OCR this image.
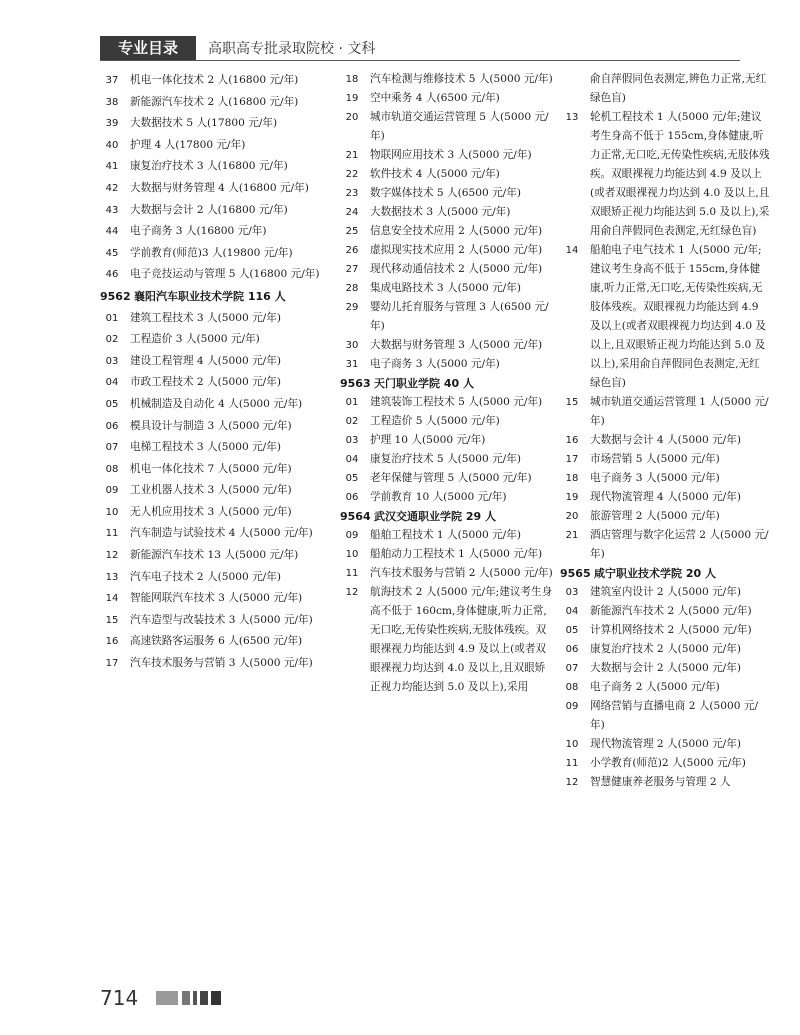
专业目录	高职高专批录取院校 · 文科
37	机电一体化技术 2 人(16800 元/年)
38	新能源汽车技术 2 人(16800 元/年)
39	大数据技术 5 人(17800 元/年)
40	护理 4 人(17800 元/年)
41	康复治疗技术 3 人(16800 元/年)
42	大数据与财务管理 4 人(16800 元/年)
43	大数据与会计 2 人(16800 元/年)
44	电子商务 3 人(16800 元/年)
45	学前教育(师范)3 人(19800 元/年)
46	电子竞技运动与管理 5 人(16800 元/年)
9562 襄阳汽车职业技术学院 116 人
01	建筑工程技术 3 人(5000 元/年)
02	工程造价 3 人(5000 元/年)
03	建设工程管理 4 人(5000 元/年)
04	市政工程技术 2 人(5000 元/年)
05	机械制造及自动化 4 人(5000 元/年)
06	模具设计与制造 3 人(5000 元/年)
07	电梯工程技术 3 人(5000 元/年)
08	机电一体化技术 7 人(5000 元/年)
09	工业机器人技术 3 人(5000 元/年)
10	无人机应用技术 3 人(5000 元/年)
11	汽车制造与试验技术 4 人(5000 元/年)
12	新能源汽车技术 13 人(5000 元/年)
13	汽车电子技术 2 人(5000 元/年)
14	智能网联汽车技术 3 人(5000 元/年)
15	汽车造型与改装技术 3 人(5000 元/年)
16	高速铁路客运服务 6 人(6500 元/年)
17	汽车技术服务与营销 3 人(5000 元/年)
18	汽车检测与维修技术 5 人(5000 元/年)
19	空中乘务 4 人(6500 元/年)
20	城市轨道交通运营管理 5 人(5000 元/年)
21	物联网应用技术 3 人(5000 元/年)
22	软件技术 4 人(5000 元/年)
23	数字媒体技术 5 人(6500 元/年)
24	大数据技术 3 人(5000 元/年)
25	信息安全技术应用 2 人(5000 元/年)
26	虚拟现实技术应用 2 人(5000 元/年)
27	现代移动通信技术 2 人(5000 元/年)
28	集成电路技术 3 人(5000 元/年)
29	婴幼儿托育服务与管理 3 人(6500 元/年)
30	大数据与财务管理 3 人(5000 元/年)
31	电子商务 3 人(5000 元/年)
9563 天门职业学院 40 人
01	建筑装饰工程技术 5 人(5000 元/年)
02	工程造价 5 人(5000 元/年)
03	护理 10 人(5000 元/年)
04	康复治疗技术 5 人(5000 元/年)
05	老年保健与管理 5 人(5000 元/年)
06	学前教育 10 人(5000 元/年)
9564 武汉交通职业学院 29 人
09	船舶工程技术 1 人(5000 元/年)
10	船舶动力工程技术 1 人(5000 元/年)
11	汽车技术服务与营销 2 人(5000 元/年)
12	航海技术 2 人(5000 元/年;建议考生身高不低于 160cm,身体健康,听力正常,无口吃,无传染性疾病,无肢体残疾。双眼裸视力均能达到 4.9 及以上(或者双眼裸视力均达到 4.0 及以上,且双眼矫正视力均能达到 5.0 及以上),采用
俞自萍假同色表测定,辨色力正常,无红绿色盲)
13	轮机工程技术 1 人(5000 元/年;建议考生身高不低于 155cm,身体健康,听力正常,无口吃,无传染性疾病,无肢体残疾。双眼裸视力均能达到 4.9 及以上(或者双眼裸视力均达到 4.0 及以上,且双眼矫正视力均能达到 5.0 及以上),采用俞自萍假同色表测定,无红绿色盲)
14	船舶电子电气技术 1 人(5000 元/年;建议考生身高不低于 155cm,身体健康,听力正常,无口吃,无传染性疾病,无肢体残疾。双眼裸视力均能达到 4.9 及以上(或者双眼裸视力均达到 4.0 及以上,且双眼矫正视力均能达到 5.0 及以上),采用俞自萍假同色表测定,无红绿色盲)
15	城市轨道交通运营管理 1 人(5000 元/年)
16	大数据与会计 4 人(5000 元/年)
17	市场营销 5 人(5000 元/年)
18	电子商务 3 人(5000 元/年)
19	现代物流管理 4 人(5000 元/年)
20	旅游管理 2 人(5000 元/年)
21	酒店管理与数字化运营 2 人(5000 元/年)
9565 咸宁职业技术学院 20 人
03	建筑室内设计 2 人(5000 元/年)
04	新能源汽车技术 2 人(5000 元/年)
05	计算机网络技术 2 人(5000 元/年)
06	康复治疗技术 2 人(5000 元/年)
07	大数据与会计 2 人(5000 元/年)
08	电子商务 2 人(5000 元/年)
09	网络营销与直播电商 2 人(5000 元/年)
10	现代物流管理 2 人(5000 元/年)
11	小学教育(师范)2 人(5000 元/年)
12	智慧健康养老服务与管理 2 人
714
